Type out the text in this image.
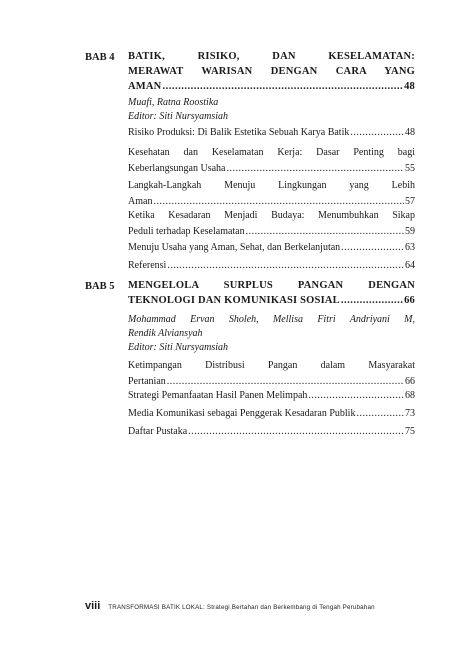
BAB 4 BATIK, RISIKO, DAN KESELAMATAN:
MERAWAT WARISAN DENGAN CARA YANG
AMAN .....	48
Muafi, Ratna Roostika
Editor: Siti Nursyamsiah
Risiko Produksi: Di Balik Estetika Sebuah Karya Batik .....	48
Kesehatan dan Keselamatan Kerja: Dasar Penting bagi
Keberlangsungan Usaha .....	55
Langkah-Langkah Menuju Lingkungan yang Lebih
Aman .....	57
Ketika Kesadaran Menjadi Budaya: Menumbuhkan Sikap
Peduli terhadap Keselamatan .....	59
Menuju Usaha yang Aman, Sehat, dan Berkelanjutan .....	63
Referensi .....	64
BAB 5 MENGELOLA SURPLUS PANGAN DENGAN
TEKNOLOGI DAN KOMUNIKASI SOSIAL .....	66
Mohammad Ervan Sholeh, Mellisa Fitri Andriyani M,
Rendik Alviansyah
Editor: Siti Nursyamsiah
Ketimpangan Distribusi Pangan dalam Masyarakat
Pertanian .....	66
Strategi Pemanfaatan Hasil Panen Melimpah .....	68
Media Komunikasi sebagai Penggerak Kesadaran Publik .....	73
Daftar Pustaka .....	75
viii TRANSFORMASI BATIK LOKAL: Strategi Bertahan dan Berkembang di Tengah Perubahan
